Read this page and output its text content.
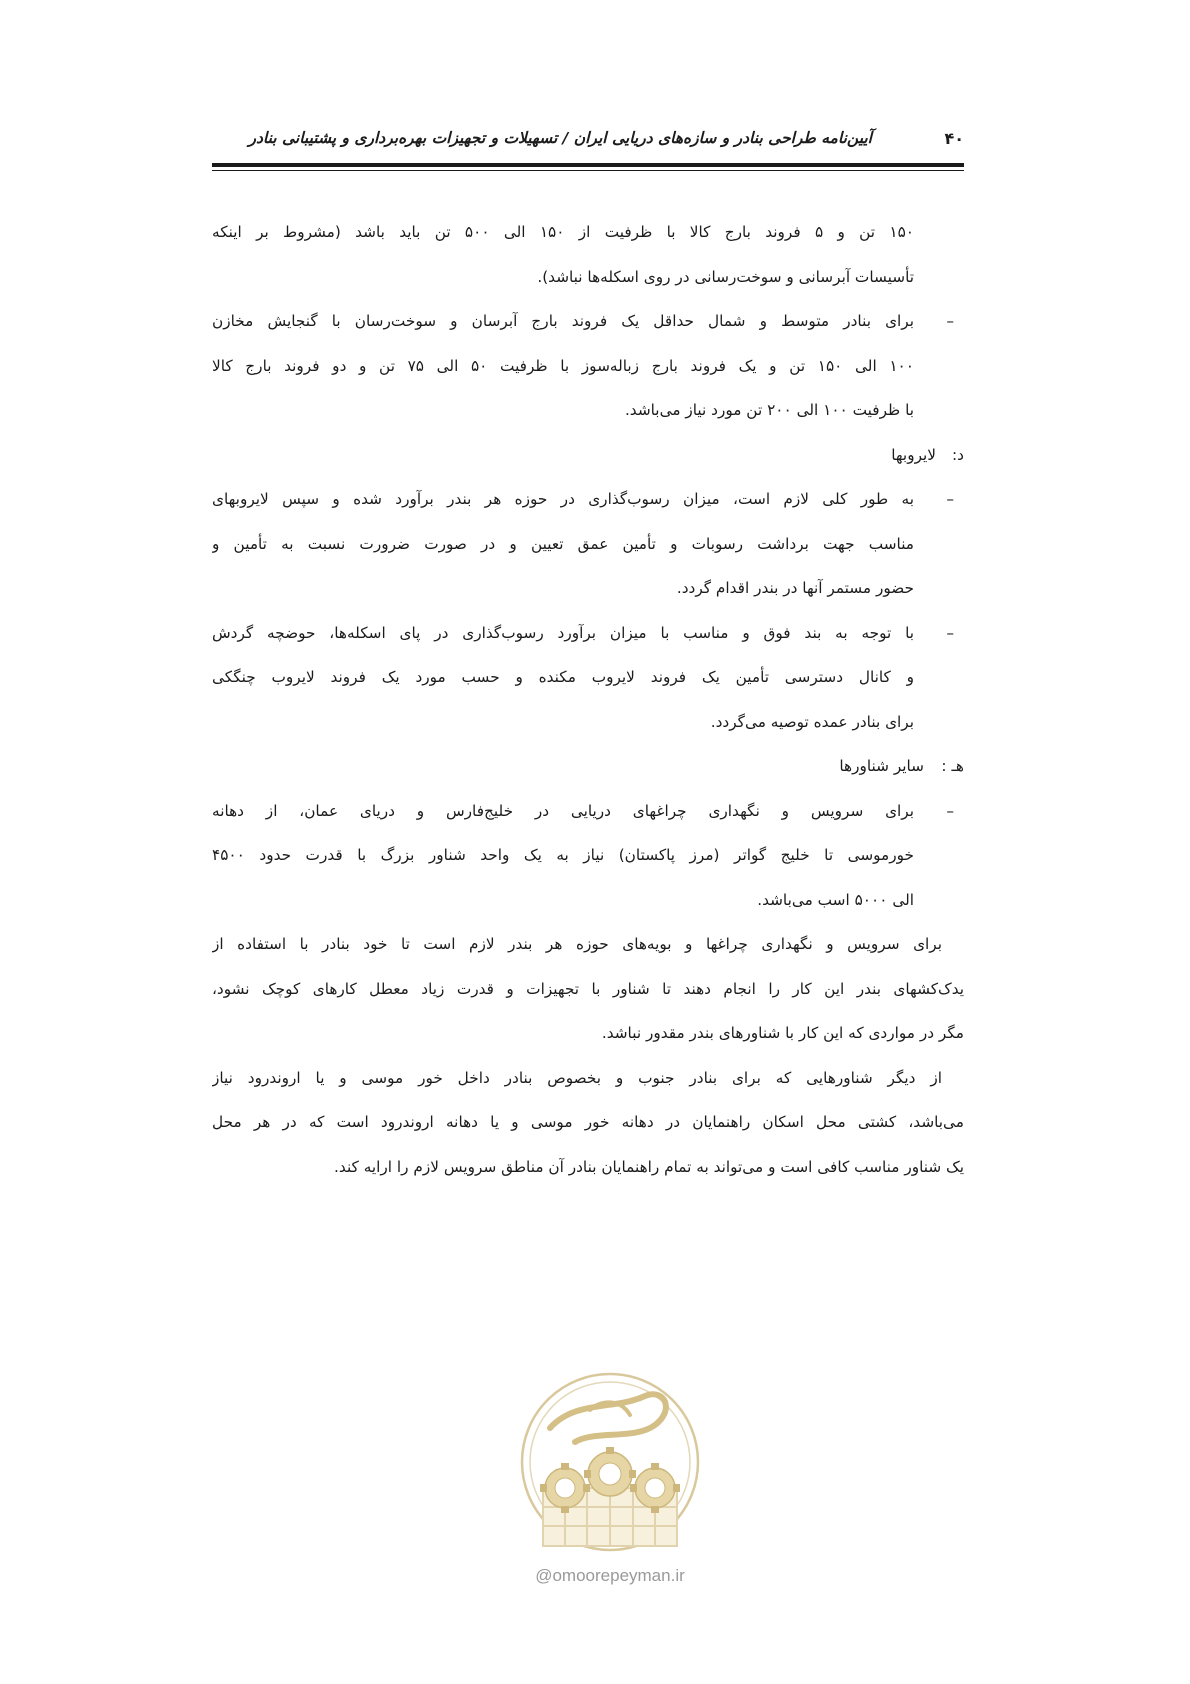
۴۰
آیین‌نامه طراحی بنادر و سازه‌های دریایی ایران / تسهیلات و تجهیزات بهره‌برداری و پشتیبانی بنادر
۱۵۰ تن و ۵ فروند بارج کالا با ظرفیت از ۱۵۰ الی ۵۰۰ تن باید باشد (مشروط بر اینکه
تأسیسات آبرسانی و سوخت‌رسانی در روی اسکله‌ها نباشد).
–
برای بنادر متوسط و شمال حداقل یک فروند بارج آبرسان و سوخت‌رسان با گنجایش مخازن
۱۰۰ الی ۱۵۰ تن و یک فروند بارج زباله‌سوز با ظرفیت ۵۰ الی ۷۵ تن و دو فروند بارج کالا
با ظرفیت ۱۰۰ الی ۲۰۰ تن مورد نیاز می‌باشد.
د:
لایروبها
–
به طور کلی لازم است، میزان رسوب‌گذاری در حوزه هر بندر برآورد شده و سپس لایروبهای
مناسب جهت برداشت رسوبات و تأمین عمق تعیین و در صورت ضرورت نسبت به تأمین و
حضور مستمر آنها در بندر اقدام گردد.
–
با توجه به بند فوق و مناسب با میزان برآورد رسوب‌گذاری در پای اسکله‌ها، حوضچه گردش
و کانال دسترسی تأمین یک فروند لایروب مکنده و حسب مورد یک فروند لایروب چنگکی
برای بنادر عمده توصیه می‌گردد.
هـ :
سایر شناورها
–
برای سرویس و نگهداری چراغهای دریایی در خلیج‌فارس و دریای عمان، از دهانه
خورموسی تا خلیج گواتر (مرز پاکستان) نیاز به یک واحد شناور بزرگ با قدرت حدود ۴۵۰۰
الی ۵۰۰۰ اسب می‌باشد.
برای سرویس و نگهداری چراغها و بویه‌های حوزه هر بندر لازم است تا خود بنادر با استفاده از
یدک‌کشهای بندر این کار را انجام دهند تا شناور با تجهیزات و قدرت زیاد معطل کارهای کوچک نشود،
مگر در مواردی که این کار با شناورهای بندر مقدور نباشد.
از دیگر شناورهایی که برای بنادر جنوب و بخصوص بنادر داخل خور موسی و یا اروندرود نیاز
می‌باشد، کشتی محل اسکان راهنمایان در دهانه خور موسی و یا دهانه اروندرود است که در هر محل
یک شناور مناسب کافی است و می‌تواند به تمام راهنمایان بنادر آن مناطق سرویس لازم را ارایه کند.
@omoorepeyman.ir
